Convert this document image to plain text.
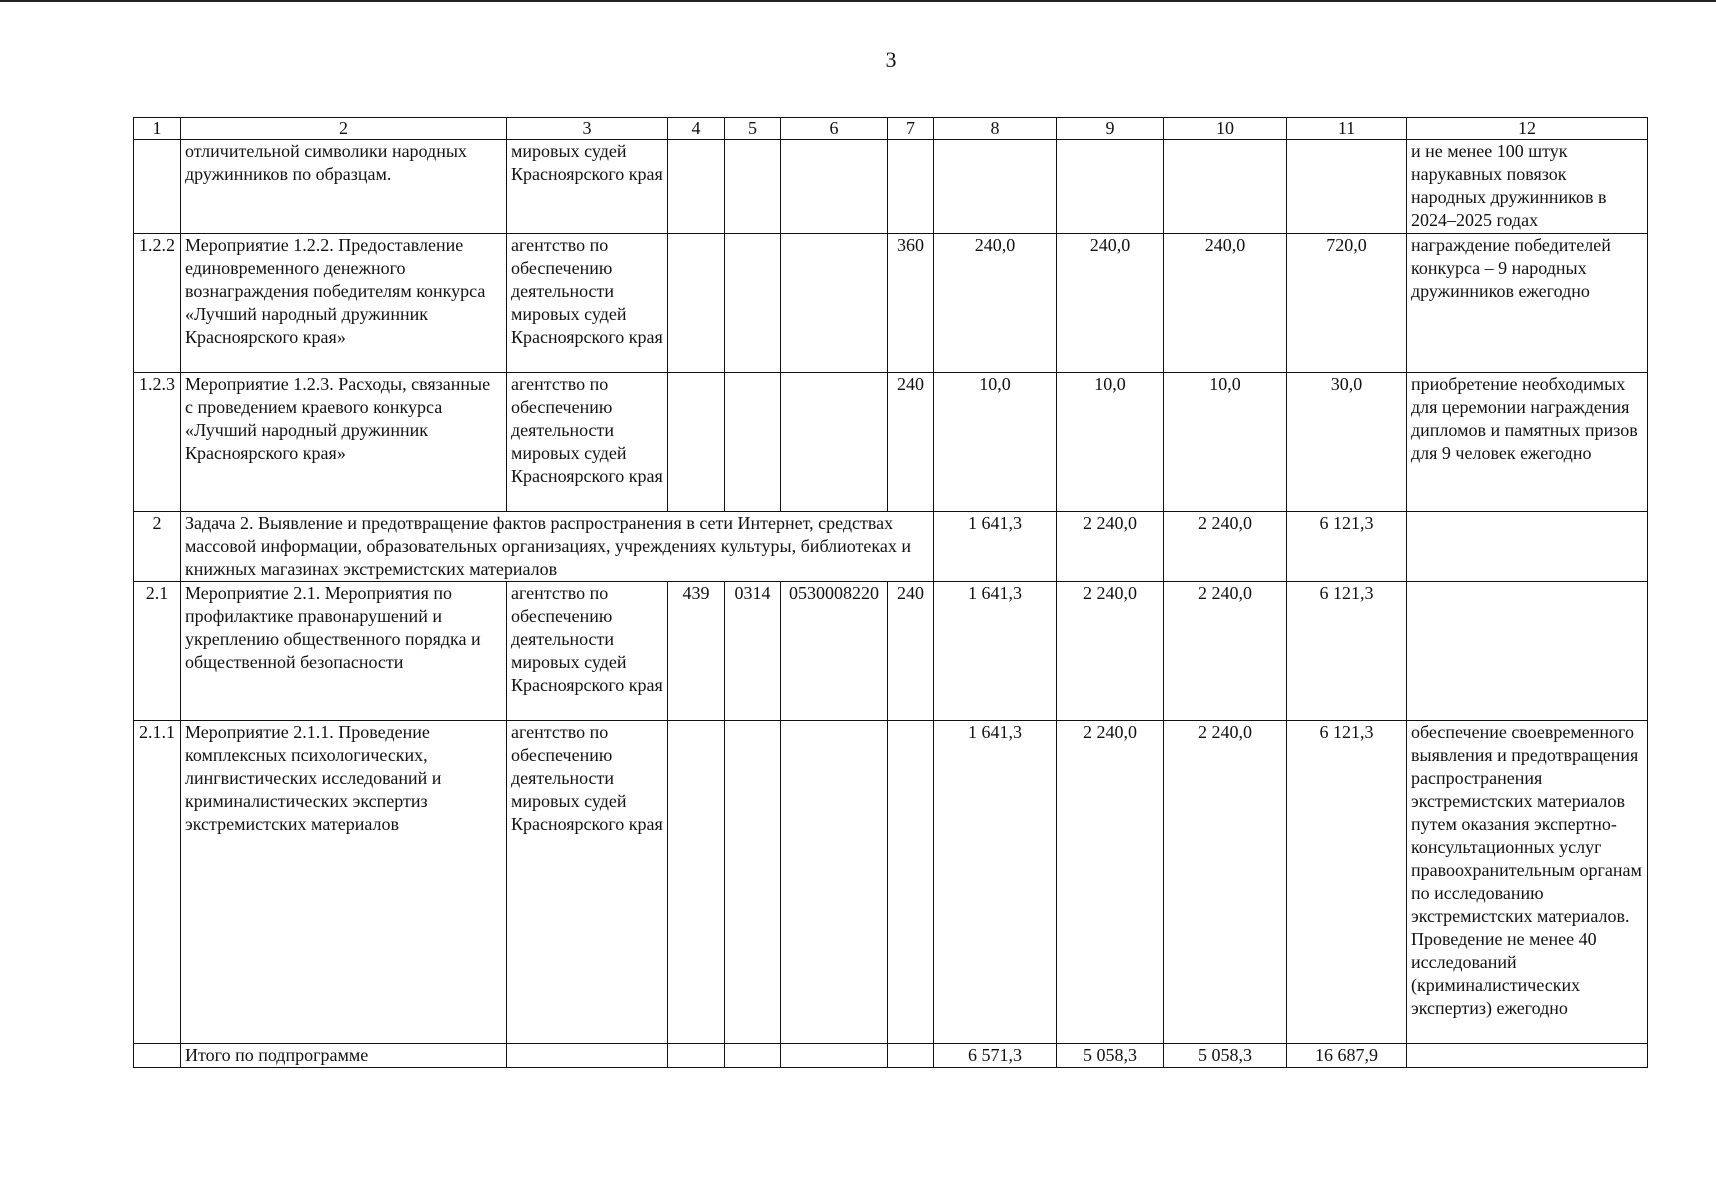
3
1	2	3	4	5	6	7	8	9	10	11	12
	отличительной символики народных дружинников по образцам.	мировых судей Красноярского края									и не менее 100 штук нарукавных повязок народных дружинников в 2024–2025 годах
1.2.2	Мероприятие 1.2.2. Предоставление единовременного денежного вознаграждения победителям конкурса «Лучший народный дружинник Красноярского края»	агентство по обеспечению деятельности мировых судей Красноярского края				360	240,0	240,0	240,0	720,0	награждение победителей конкурса – 9 народных дружинников ежегодно
1.2.3	Мероприятие 1.2.3. Расходы, связанные с проведением краевого конкурса «Лучший народный дружинник Красноярского края»	агентство по обеспечению деятельности мировых судей Красноярского края				240	10,0	10,0	10,0	30,0	приобретение необходимых для церемонии награждения дипломов и памятных призов для 9 человек ежегодно
2	Задача 2. Выявление и предотвращение фактов распространения в сети Интернет, средствах массовой информации, образовательных организациях, учреждениях культуры, библиотеках и книжных магазинах экстремистских материалов						1 641,3	2 240,0	2 240,0	6 121,3	
2.1	Мероприятие 2.1. Мероприятия по профилактике правонарушений и укреплению общественного порядка и общественной безопасности	агентство по обеспечению деятельности мировых судей Красноярского края	439	0314	0530008220	240	1 641,3	2 240,0	2 240,0	6 121,3	
2.1.1	Мероприятие 2.1.1. Проведение комплексных психологических, лингвистических исследований и криминалистических экспертиз экстремистских материалов	агентство по обеспечению деятельности мировых судей Красноярского края					1 641,3	2 240,0	2 240,0	6 121,3	обеспечение своевременного выявления и предотвращения распространения экстремистских материалов путем оказания экспертно-консультационных услуг правоохранительным органам по исследованию экстремистских материалов. Проведение не менее 40 исследований (криминалистических экспертиз) ежегодно
	Итого по подпрограмме						6 571,3	5 058,3	5 058,3	16 687,9	
